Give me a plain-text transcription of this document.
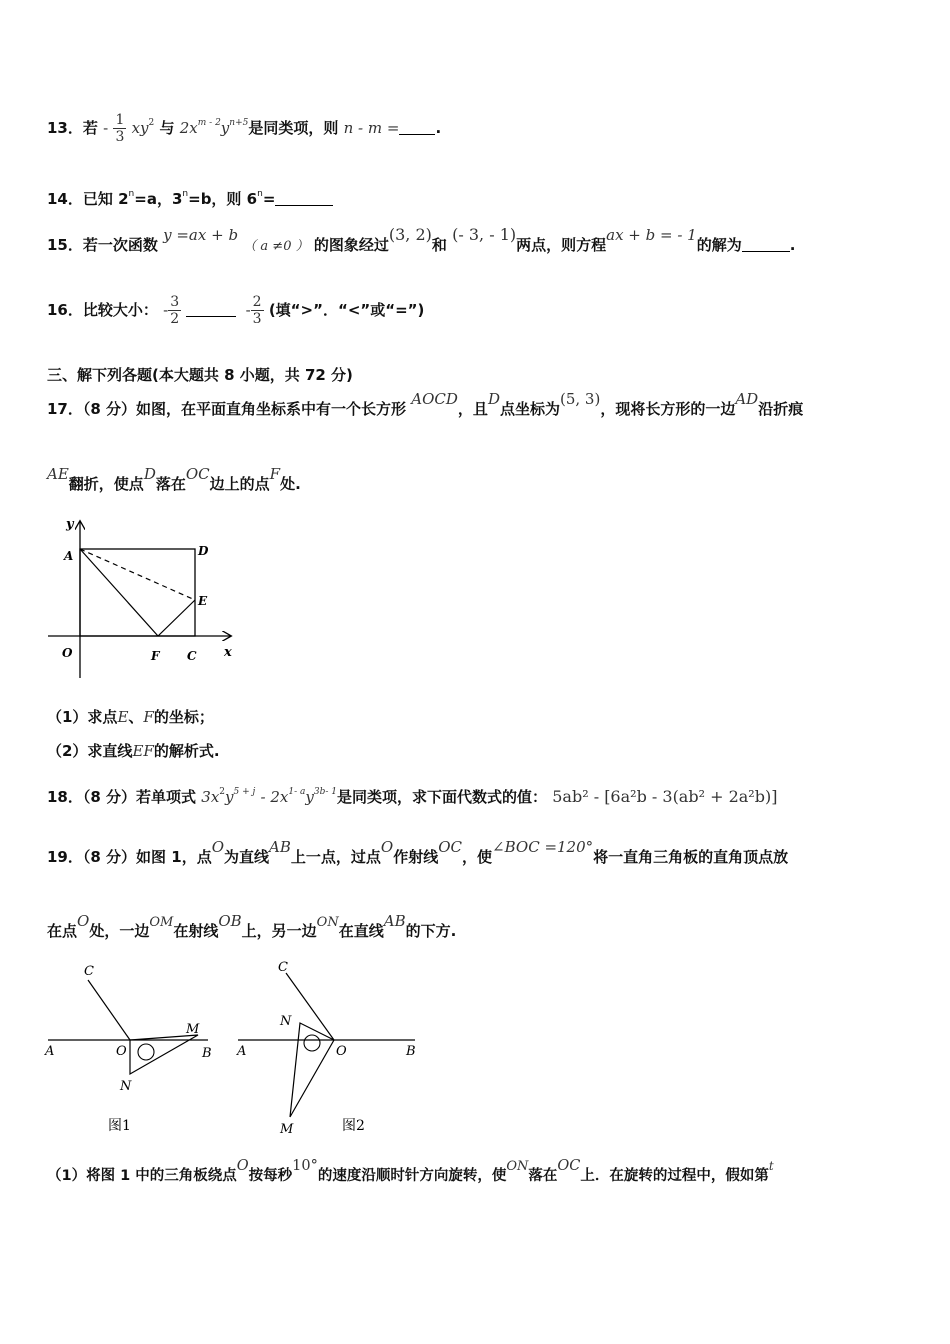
13．若 - $\frac{1}{3} xy^2$ 与 $2x^{m - 2}y^{n+5}$是同类项，则 n - m = .
14．已知 $2^n=a$，$3^n=b$，则 $6^n=$
15．若一次函数 y =ax + b （ a ≠0 ） 的图象经过(3, 2)和 (- 3, - 1)两点，则方程ax + b = - 1的解为	.
16．比较大小： - $\frac{3}{2}$	- $\frac{2}{3}$ (填“>”．“<”或“=”)
三、解下列各题(本大题共 8 小题，共 72 分)
17．（8 分）如图，在平面直角坐标系中有一个长方形 AOCD，且D点坐标为(5, 3)，现将长方形的一边AD沿折痕
AE翻折，使点D落在OC边上的点F处.
y
x
A	D
E
O	F C
（1）求点E、F的坐标；
（2）求直线EF的解析式.
18．（8 分）若单项式 $3x^2y^{5 + j} - 2x^{1- a}y^{3b- 1}$是同类项，求下面代数式的值： 5ab² - [6a²b - 3(ab² + 2a²b)]
19．（8 分）如图 1，点O为直线AB上一点，过点O作射线OC，使∠BOC =120°将一直角三角板的直角顶点放
在点O处，一边OM在射线OB上，另一边ON在直线AB的下方.
C
A	O
M
B
N
图1
C
N
A	O	B
M	图2
（1）将图 1 中的三角板绕点O按每秒10°的速度沿顺时针方向旋转，使ON落在OC上．在旋转的过程中，假如第$^t$
